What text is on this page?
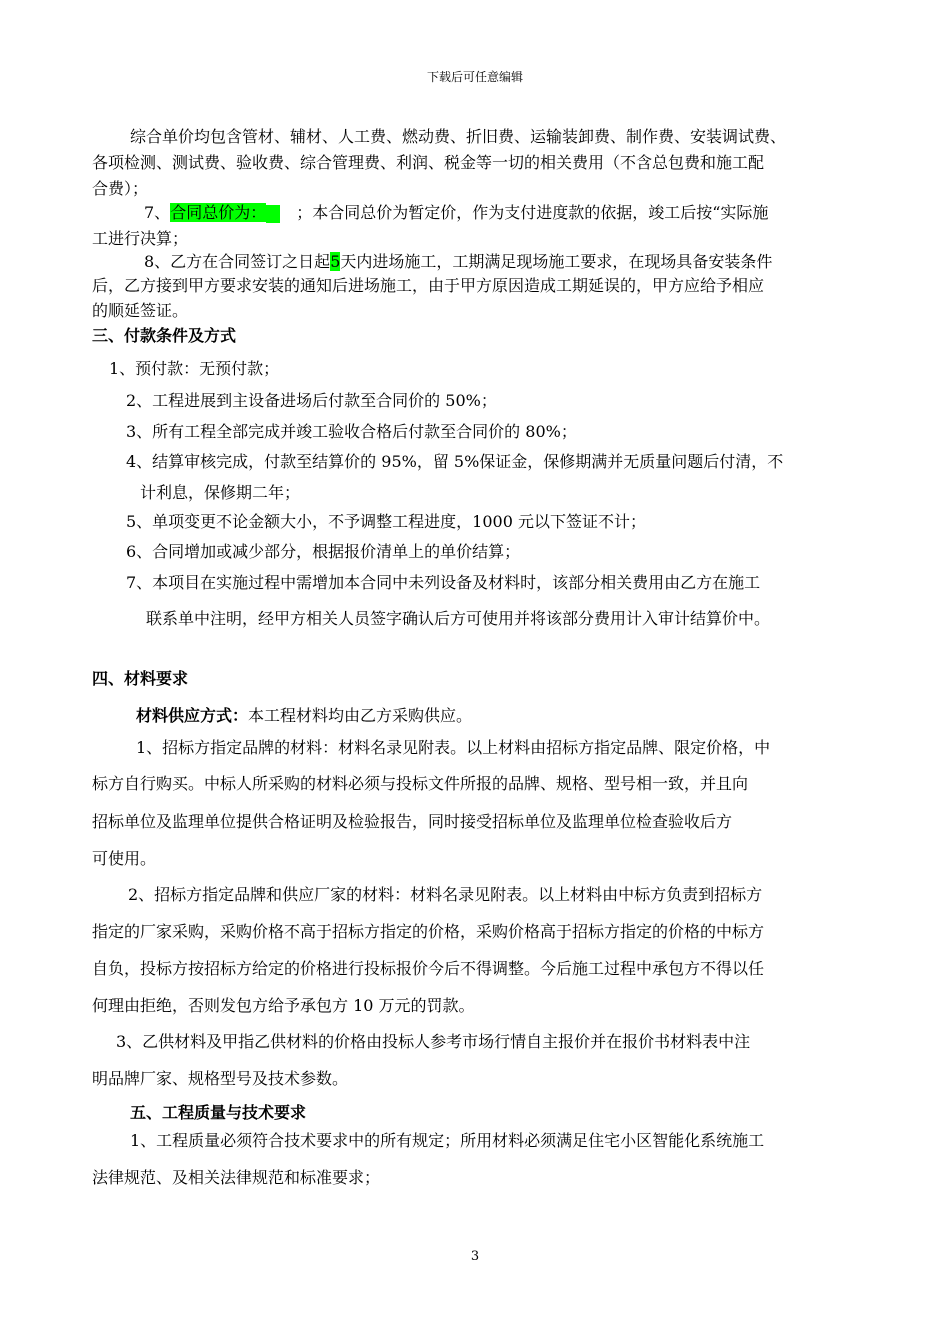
下载后可任意编辑
综合单价均包含管材、辅材、人工费、燃动费、折旧费、运输装卸费、制作费、安装调试费、
各项检测、测试费、验收费、综合管理费、利润、税金等一切的相关费用（不含总包费和施工配
合费）；
7、合同总价为： ；本合同总价为暂定价，作为支付进度款的依据，竣工后按“实际施
工进行决算；
8、乙方在合同签订之日起5天内进场施工，工期满足现场施工要求，在现场具备安装条件
后，乙方接到甲方要求安装的通知后进场施工，由于甲方原因造成工期延误的，甲方应给予相应
的顺延签证。
三、付款条件及方式
1、预付款：无预付款；
2、工程进展到主设备进场后付款至合同价的 50%；
3、所有工程全部完成并竣工验收合格后付款至合同价的 80%；
4、结算审核完成，付款至结算价的 95%，留 5%保证金，保修期满并无质量问题后付清，不
计利息，保修期二年；
5、单项变更不论金额大小，不予调整工程进度，1000 元以下签证不计；
6、合同增加或减少部分，根据报价清单上的单价结算；
7、本项目在实施过程中需增加本合同中未列设备及材料时，该部分相关费用由乙方在施工
联系单中注明，经甲方相关人员签字确认后方可使用并将该部分费用计入审计结算价中。
四、材料要求
材料供应方式：本工程材料均由乙方采购供应。
1、招标方指定品牌的材料：材料名录见附表。以上材料由招标方指定品牌、限定价格，中
标方自行购买。中标人所采购的材料必须与投标文件所报的品牌、规格、型号相一致，并且向
招标单位及监理单位提供合格证明及检验报告，同时接受招标单位及监理单位检查验收后方
可使用。
2、招标方指定品牌和供应厂家的材料：材料名录见附表。以上材料由中标方负责到招标方
指定的厂家采购，采购价格不高于招标方指定的价格，采购价格高于招标方指定的价格的中标方
自负，投标方按招标方给定的价格进行投标报价今后不得调整。今后施工过程中承包方不得以任
何理由拒绝，否则发包方给予承包方 10 万元的罚款。
3、乙供材料及甲指乙供材料的价格由投标人参考市场行情自主报价并在报价书材料表中注
明品牌厂家、规格型号及技术参数。
五、工程质量与技术要求
1、工程质量必须符合技术要求中的所有规定；所用材料必须满足住宅小区智能化系统施工
法律规范、及相关法律规范和标准要求；
3
